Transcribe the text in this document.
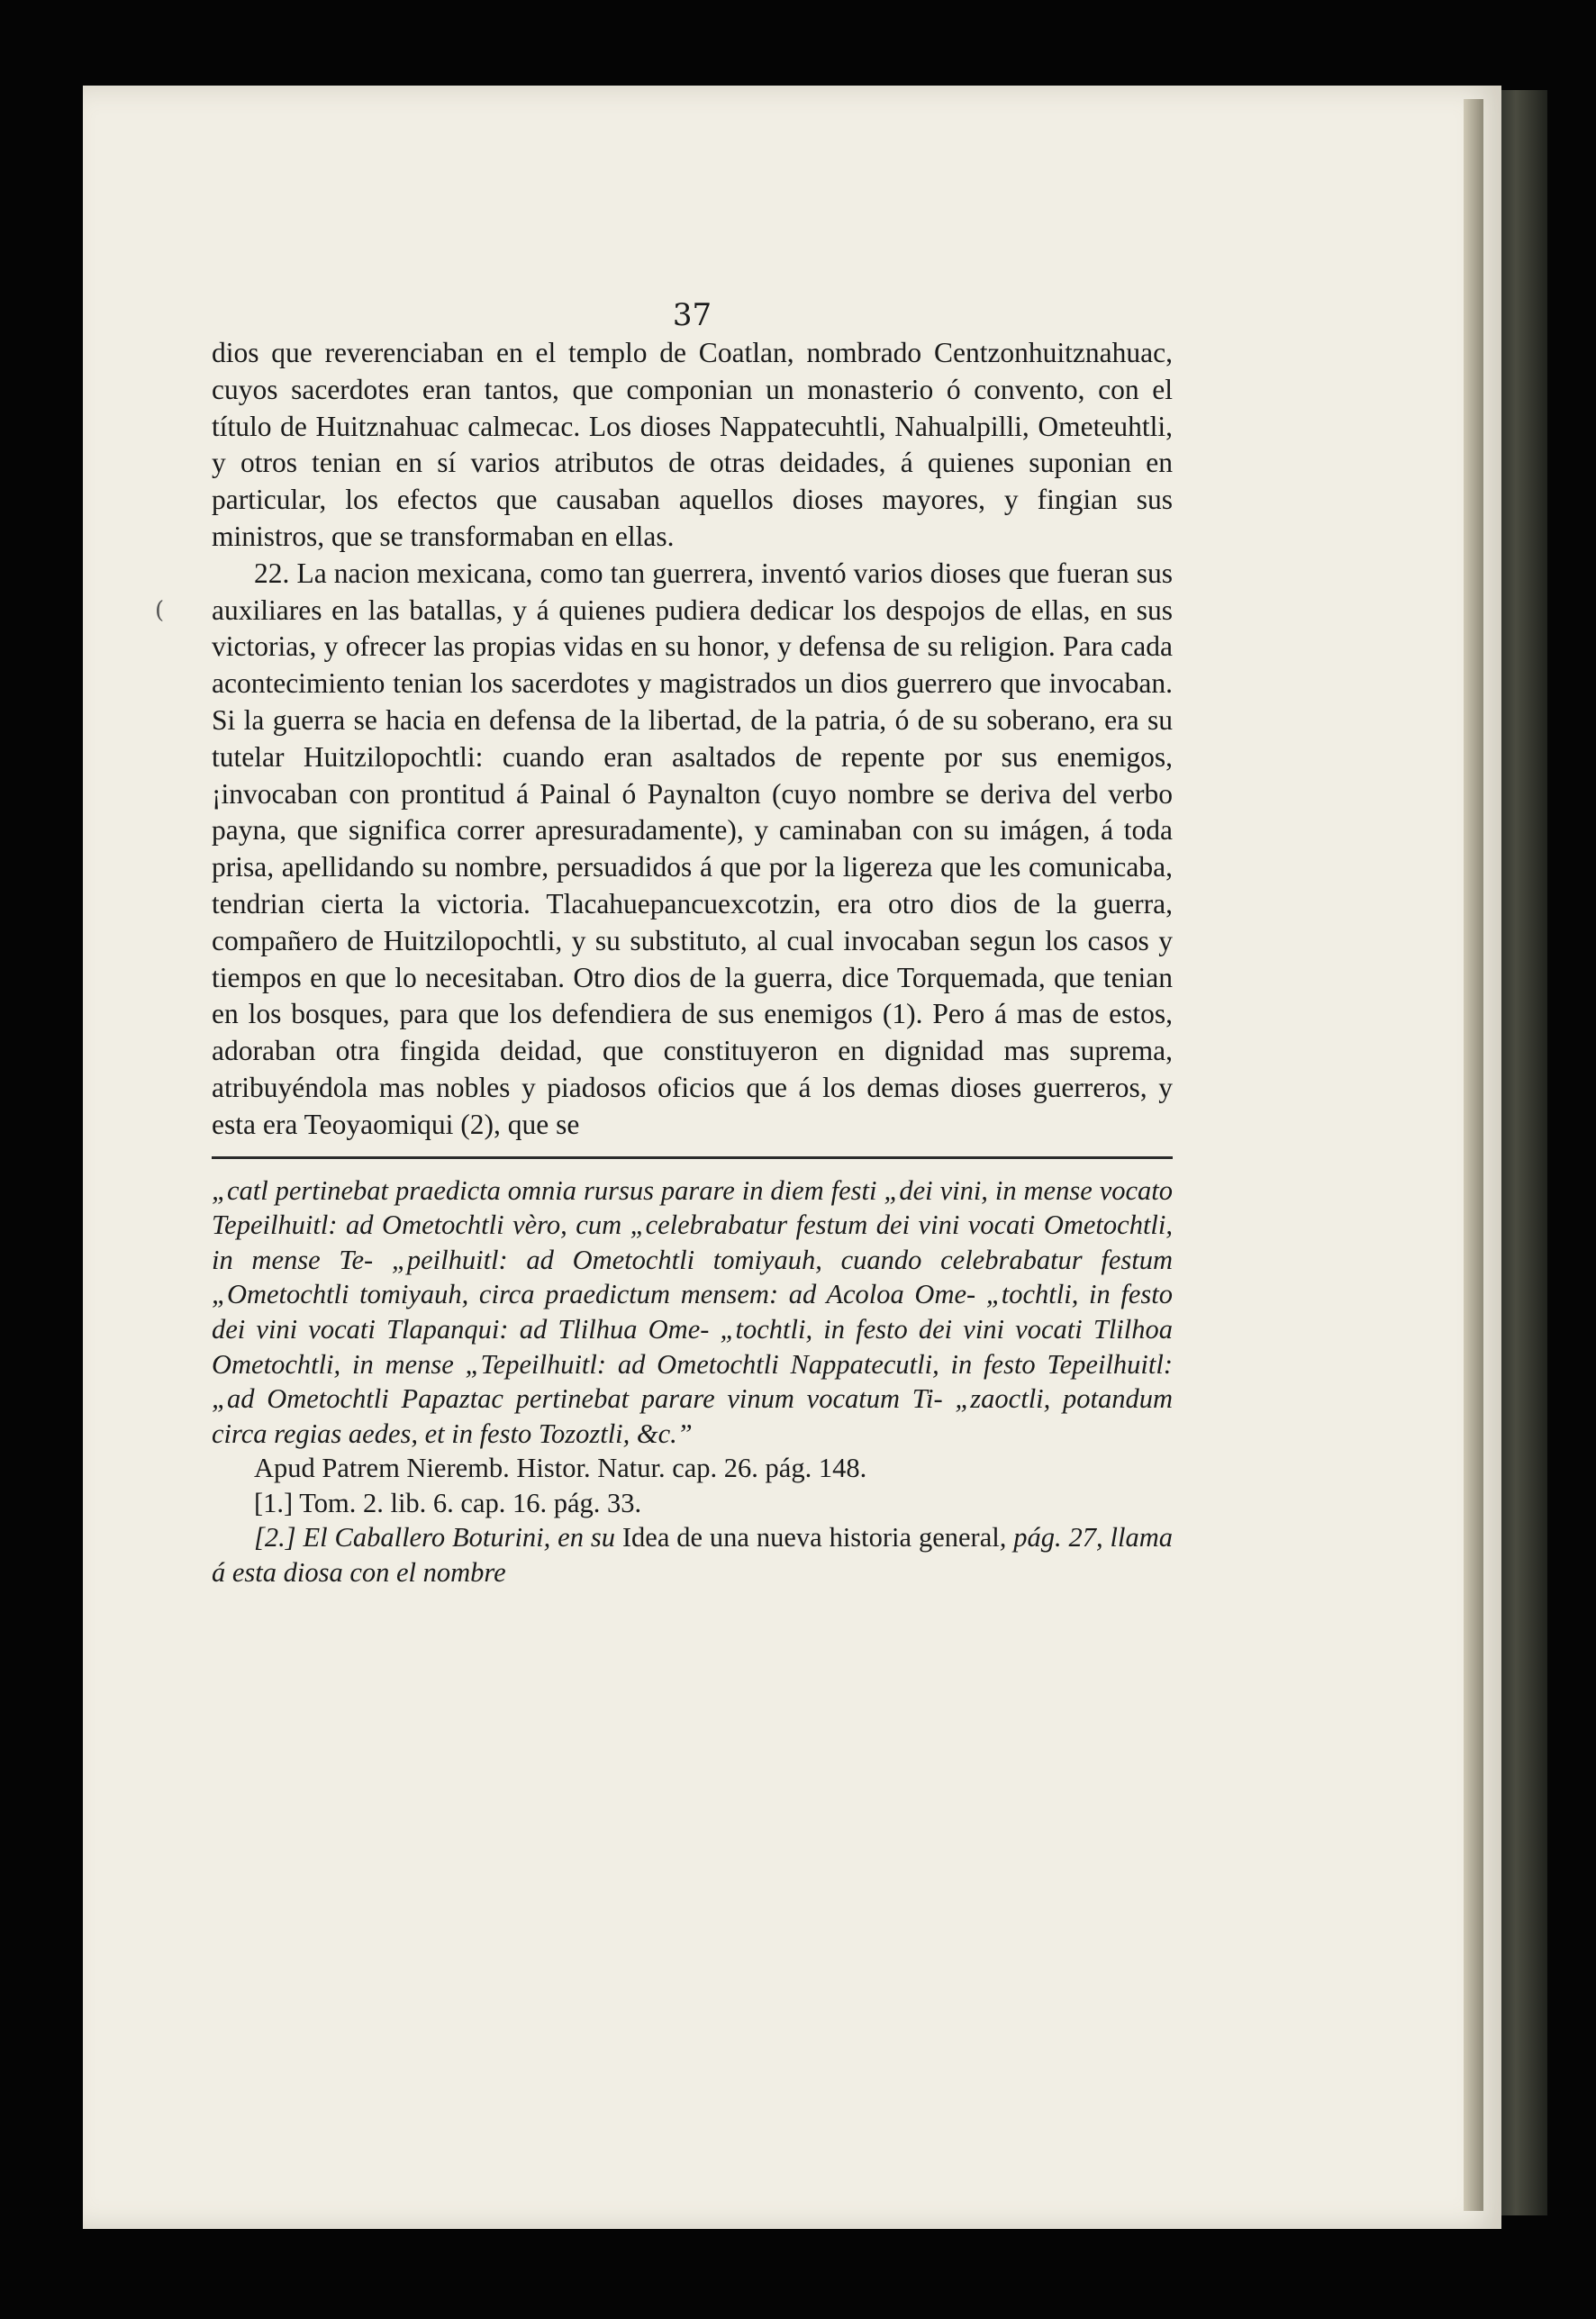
(
37

dios que reverenciaban en el templo de Coatlan, nombrado Centzonhuitznahuac, cuyos sacerdotes eran tantos, que componian un monasterio ó convento, con el título de Huitznahuac calmecac. Los dioses Nappatecuhtli, Nahualpilli, Ometeuhtli, y otros tenian en sí varios atributos de otras deidades, á quienes suponian en particular, los efectos que causaban aquellos dioses mayores, y fingian sus ministros, que se transformaban en ellas.

22. La nacion mexicana, como tan guerrera, inventó varios dioses que fueran sus auxiliares en las batallas, y á quienes pudiera dedicar los despojos de ellas, en sus victorias, y ofrecer las propias vidas en su honor, y defensa de su religion. Para cada acontecimiento tenian los sacerdotes y magistrados un dios guerrero que invocaban. Si la guerra se hacia en defensa de la libertad, de la patria, ó de su soberano, era su tutelar Huitzilopochtli: cuando eran asaltados de repente por sus enemigos, ¡invocaban con prontitud á Painal ó Paynalton (cuyo nombre se deriva del verbo payna, que significa correr apresuradamente), y caminaban con su imágen, á toda prisa, apellidando su nombre, persuadidos á que por la ligereza que les comunicaba, tendrian cierta la victoria. Tlacahuepancuexcotzin, era otro dios de la guerra, compañero de Huitzilopochtli, y su substituto, al cual invocaban segun los casos y tiempos en que lo necesitaban. Otro dios de la guerra, dice Torquemada, que tenian en los bosques, para que los defendiera de sus enemigos (1). Pero á mas de estos, adoraban otra fingida deidad, que constituyeron en dignidad mas suprema, atribuyéndola mas nobles y piadosos oficios que á los demas dioses guerreros, y esta era Teoyaomiqui (2), que se

„catl pertinebat praedicta omnia rursus parare in diem festi „dei vini, in mense vocato Tepeilhuitl: ad Ometochtli vèro, cum „celebrabatur festum dei vini vocati Ometochtli, in mense Te- „peilhuitl: ad Ometochtli tomiyauh, cuando celebrabatur festum „Ometochtli tomiyauh, circa praedictum mensem: ad Acoloa Ome- „tochtli, in festo dei vini vocati Tlapanqui: ad Tlilhua Ome- „tochtli, in festo dei vini vocati Tlilhoa Ometochtli, in mense „Tepeilhuitl: ad Ometochtli Nappatecutli, in festo Tepeilhuitl: „ad Ometochtli Papaztac pertinebat parare vinum vocatum Ti- „zaoctli, potandum circa regias aedes, et in festo Tozoztli, &c.”

Apud Patrem Nieremb. Histor. Natur. cap. 26. pág. 148.

[1.] Tom. 2. lib. 6. cap. 16. pág. 33.

[2.] El Caballero Boturini, en su Idea de una nueva historia general, pág. 27, llama á esta diosa con el nombre
